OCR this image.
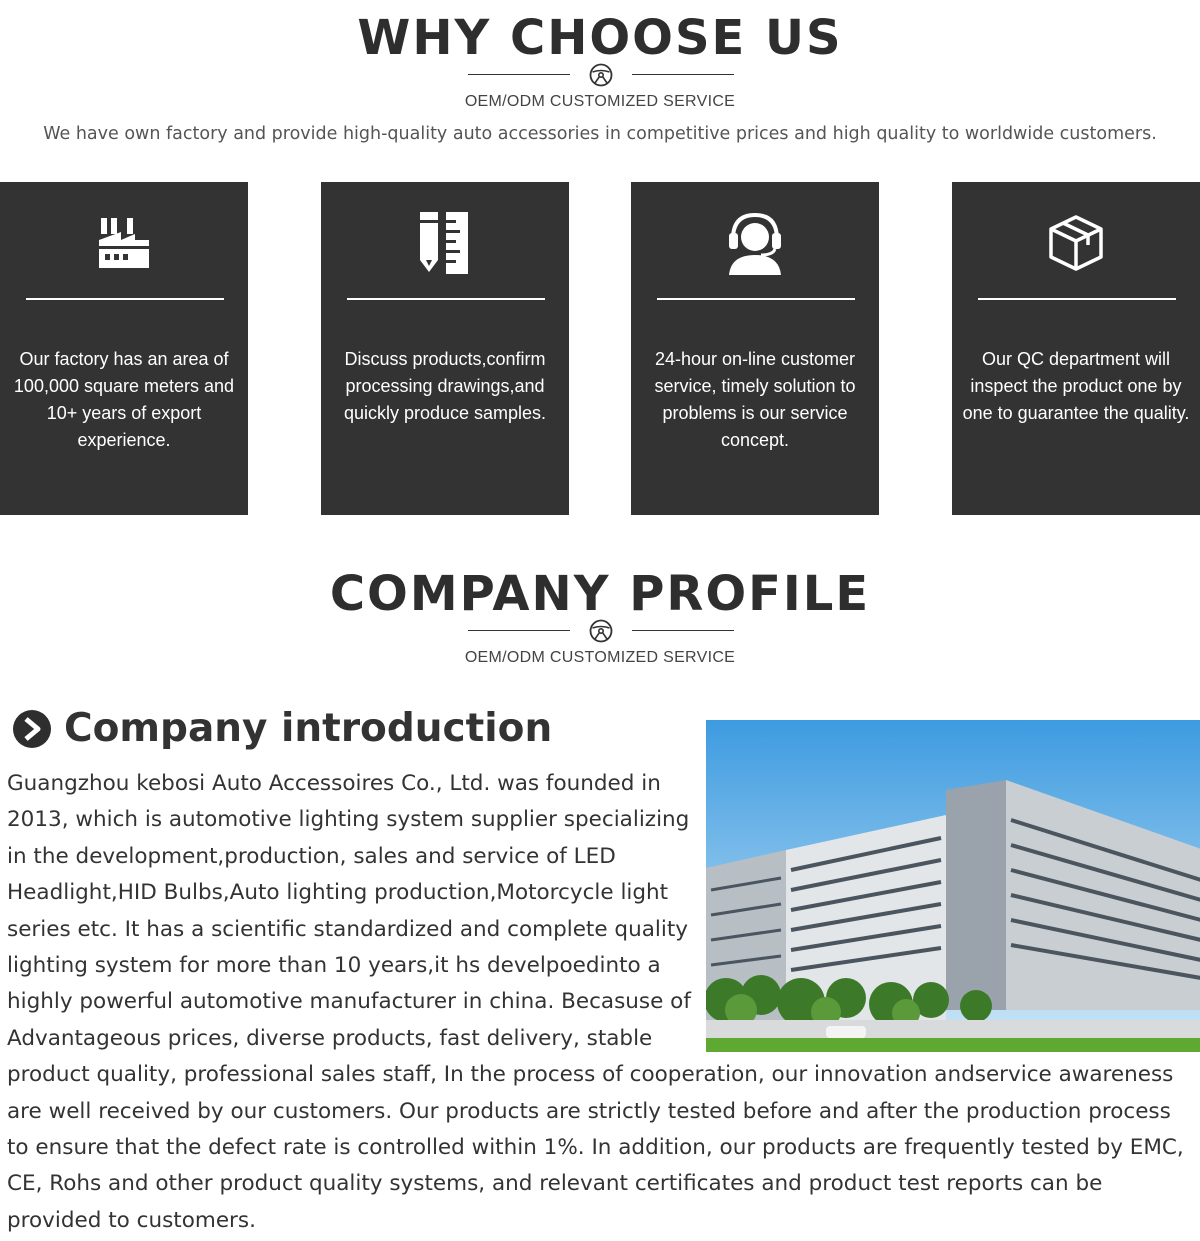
WHY CHOOSE US
OEM/ODM CUSTOMIZED SERVICE
We have own factory and provide high-quality auto accessories in competitive prices and high quality to worldwide customers.
Our factory has an area of 100,000 square meters and 10+ years of export experience.
Discuss products,confirm processing drawings,and quickly produce samples.
24-hour on-line customer service, timely solution to problems is our service concept.
Our QC department will inspect the product one by one to guarantee the quality.
COMPANY PROFILE
OEM/ODM CUSTOMIZED SERVICE
Company introduction
Guangzhou kebosi Auto Accessoires Co., Ltd. was founded in 2013, which is automotive lighting system supplier specializing in the development,production, sales and service of LED Headlight,HID Bulbs,Auto lighting production,Motorcycle light series etc. It has a scientific standardized and complete quality lighting system for more than 10 years,it hs develpoedinto a highly powerful automotive manufacturer in china. Becasuse of Advantageous prices, diverse products, fast delivery, stable product quality, professional sales staff, In the process of cooperation, our innovation andservice awareness are well received by our customers. Our products are strictly tested before and after the production process to ensure that the defect rate is controlled within 1%. In addition, our products are frequently tested by EMC, CE, Rohs and other product quality systems, and relevant certificates and product test reports can be provided to customers.
